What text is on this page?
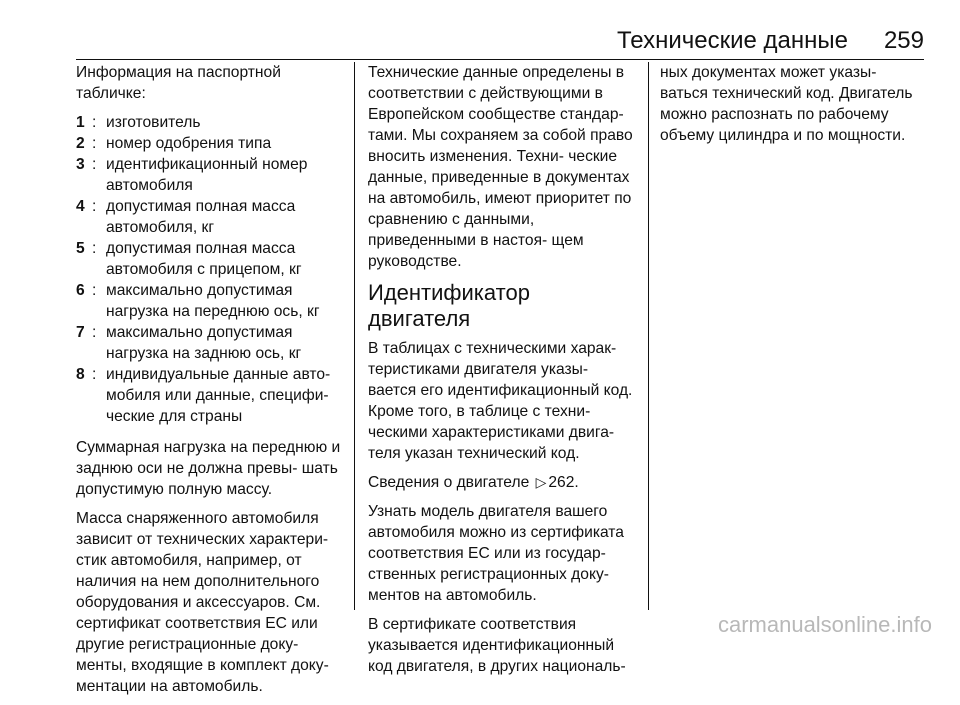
Технические данные 259

Информация на паспортной табличке:

1 : изготовитель
2 : номер одобрения типа
3 : идентификационный номер автомобиля
4 : допустимая полная масса автомобиля, кг
5 : допустимая полная масса автомобиля с прицепом, кг
6 : максимально допустимая нагрузка на переднюю ось, кг
7 : максимально допустимая нагрузка на заднюю ось, кг
8 : индивидуальные данные авто- мобиля или данные, специфи- ческие для страны

Суммарная нагрузка на переднюю и заднюю оси не должна превы- шать допустимую полную массу.

Масса снаряженного автомобиля зависит от технических характери- стик автомобиля, например, от наличия на нем дополнительного оборудования и аксессуаров. См. сертификат соответствия ЕС или другие регистрационные доку- менты, входящие в комплект доку- ментации на автомобиль.

Технические данные определены в соответствии с действующими в Европейском сообществе стандар- тами. Мы сохраняем за собой право вносить изменения. Техни- ческие данные, приведенные в документах на автомобиль, имеют приоритет по сравнению с данными, приведенными в настоя- щем руководстве.

Идентификатор двигателя

В таблицах с техническими харак- теристиками двигателя указы- вается его идентификационный код. Кроме того, в таблице с техни- ческими характеристиками двига- теля указан технический код.

Сведения о двигателе ▷ 262.

Узнать модель двигателя вашего автомобиля можно из сертификата соответствия ЕС или из государ- ственных регистрационных доку- ментов на автомобиль.

В сертификате соответствия указывается идентификационный код двигателя, в других националь-

ных документах может указы- ваться технический код. Двигатель можно распознать по рабочему объему цилиндра и по мощности.

carmanualsonline.info
